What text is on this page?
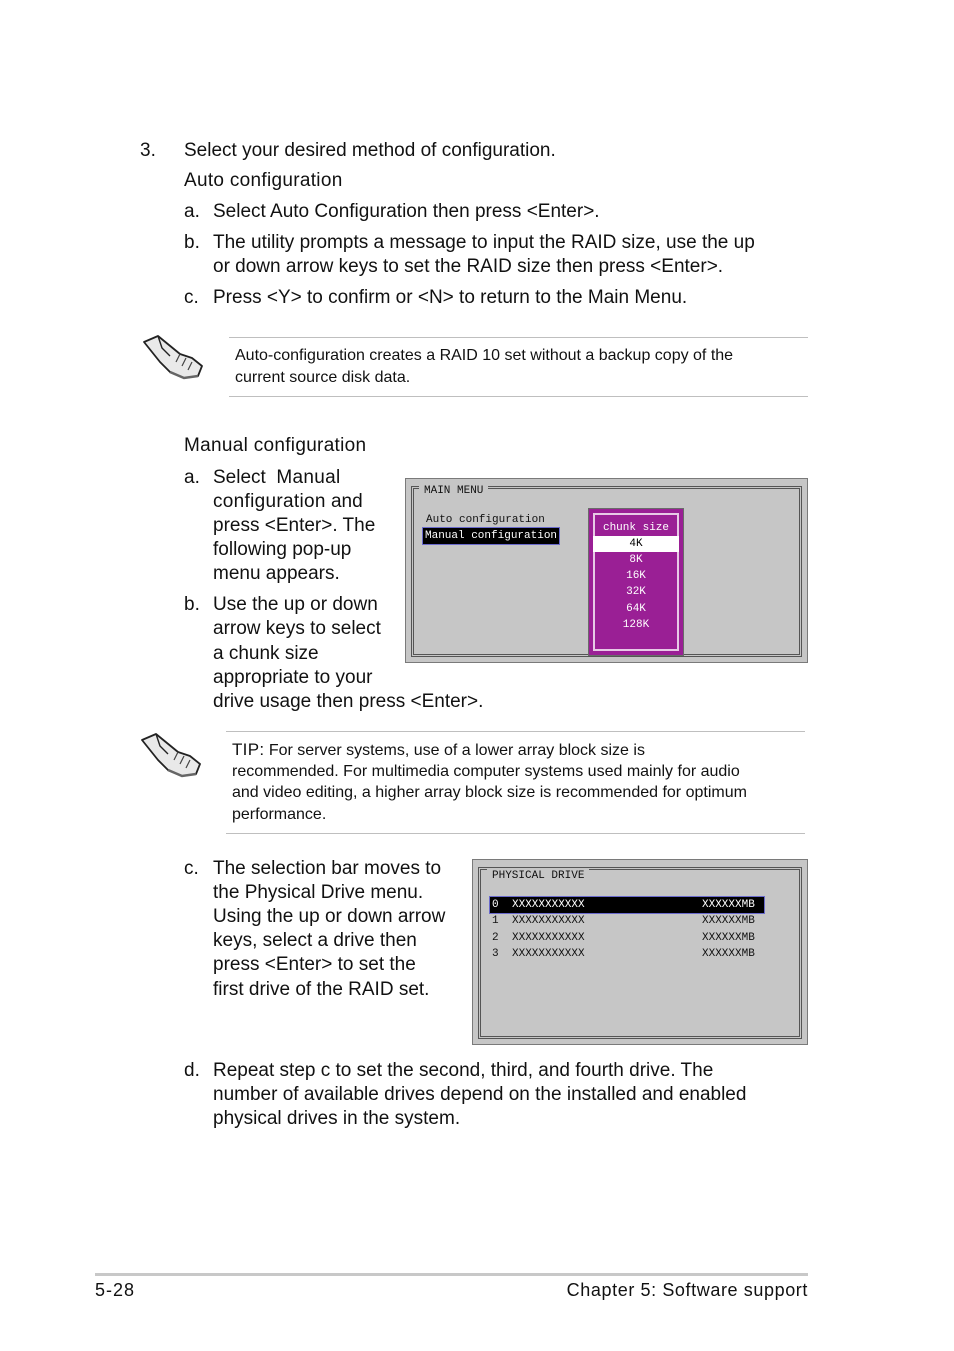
3. Select your desired method of configuration.
Auto configuration
a. Select Auto Configuration then press <Enter>.
b. The utility prompts a message to input the RAID size, use the up
or down arrow keys to set the RAID size then press <Enter>.
c. Press <Y> to confirm or <N> to return to the Main Menu.
Auto-configuration creates a RAID 10 set without a backup copy of the
current source disk data.
Manual configuration
a. Select Manual
configuration and
press <Enter>. The
following pop-up
menu appears.
b. Use the up or down
arrow keys to select
a chunk size
appropriate to your
drive usage then press <Enter>.
MAIN MENU
Auto configuration
Manual configuration
chunk size
4K
8K
16K
32K
64K
128K
TIP: For server systems, use of a lower array block size is
recommended. For multimedia computer systems used mainly for audio
and video editing, a higher array block size is recommended for optimum
performance.
c. The selection bar moves to
the Physical Drive menu.
Using the up or down arrow
keys, select a drive then
press <Enter> to set the
first drive of the RAID set.
PHYSICAL DRIVE
0 XXXXXXXXXXX	XXXXXXMB
1 XXXXXXXXXXX	XXXXXXMB
2 XXXXXXXXXXX	XXXXXXMB
3 XXXXXXXXXXX	XXXXXXMB
d. Repeat step c to set the second, third, and fourth drive. The
number of available drives depend on the installed and enabled
physical drives in the system.
5-28	Chapter 5: Software support
